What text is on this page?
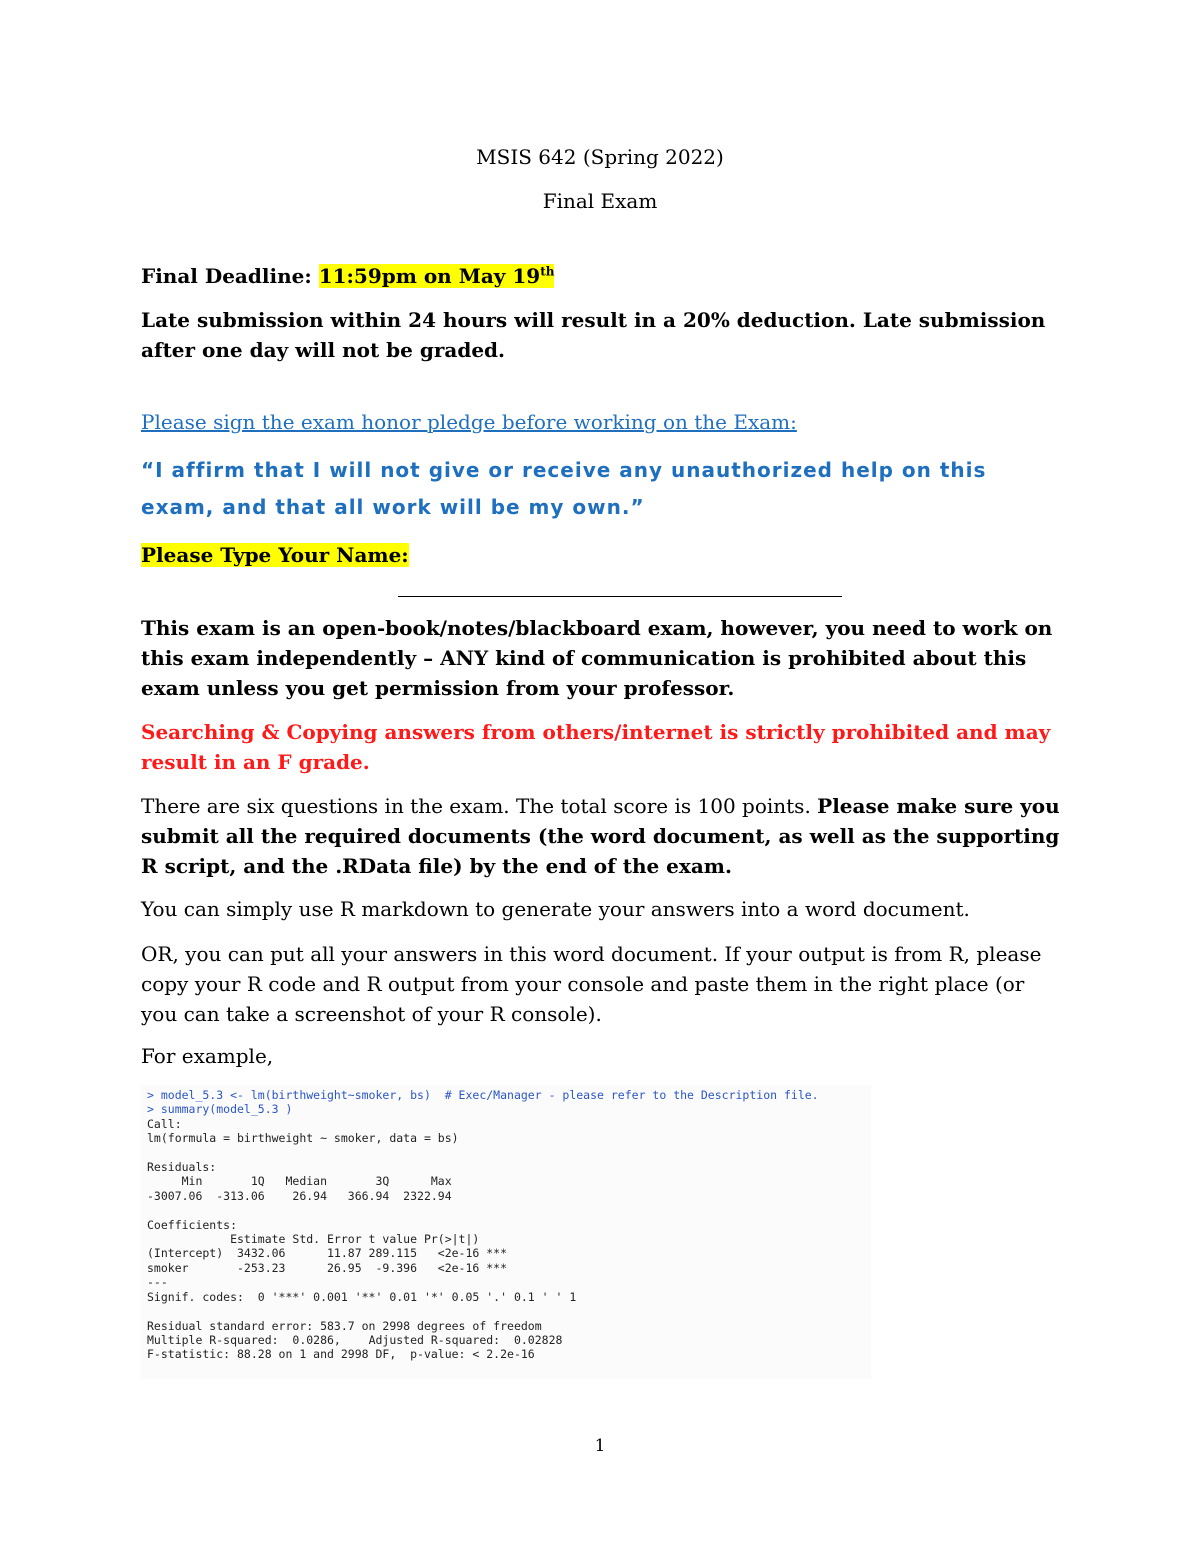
MSIS 642 (Spring 2022)
Final Exam
Final Deadline: 11:59pm on May 19th
Late submission within 24 hours will result in a 20% deduction. Late submission after one day will not be graded.
Please sign the exam honor pledge before working on the Exam:
“I affirm that I will not give or receive any unauthorized help on this exam, and that all work will be my own.”
Please Type Your Name:
This exam is an open-book/notes/blackboard exam, however, you need to work on this exam independently – ANY kind of communication is prohibited about this exam unless you get permission from your professor.
Searching & Copying answers from others/internet is strictly prohibited and may result in an F grade.
There are six questions in the exam. The total score is 100 points. Please make sure you submit all the required documents (the word document, as well as the supporting R script, and the .RData file) by the end of the exam.
You can simply use R markdown to generate your answers into a word document.
OR, you can put all your answers in this word document. If your output is from R, please copy your R code and R output from your console and paste them in the right place (or you can take a screenshot of your R console).
For example,
> model_5.3 <- lm(birthweight~smoker, bs)  # Exec/Manager - please refer to the Description file.
> summary(model_5.3 )
Call:
lm(formula = birthweight ~ smoker, data = bs)

Residuals:
Min       1Q   Median       3Q      Max
-3007.06  -313.06    26.94   366.94  2322.94

Coefficients:
Estimate Std. Error t value Pr(>|t|)
(Intercept)  3432.06      11.87 289.115   <2e-16 ***
smoker       -253.23      26.95  -9.396   <2e-16 ***
---
Signif. codes:  0 '***' 0.001 '**' 0.01 '*' 0.05 '.' 0.1 ' ' 1

Residual standard error: 583.7 on 2998 degrees of freedom
Multiple R-squared:  0.0286,	Adjusted R-squared:  0.02828
F-statistic: 88.28 on 1 and 2998 DF,  p-value: < 2.2e-16
1
